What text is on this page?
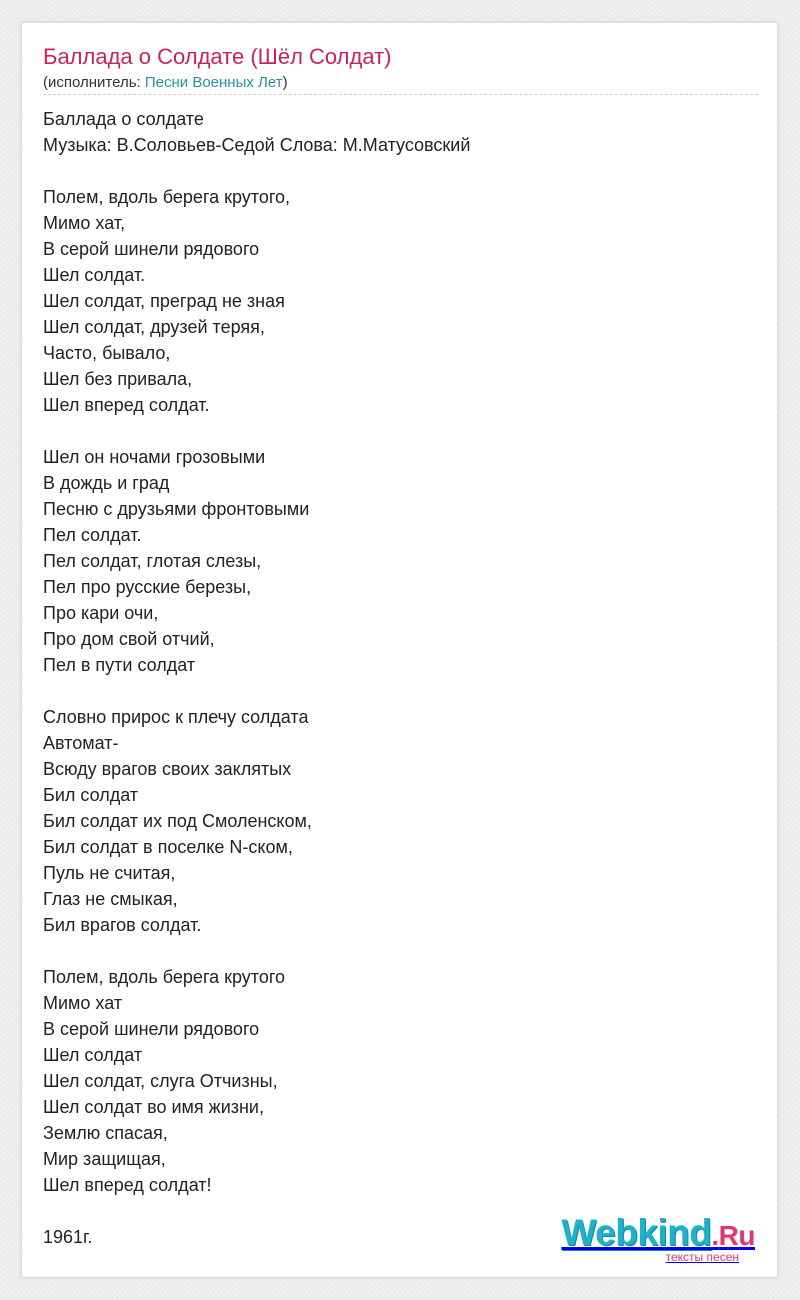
Баллада о Солдате (Шёл Солдат)
(исполнитель: Песни Военных Лет)
Баллада о солдате
Музыка: В.Соловьев-Седой Слова: М.Матусовский
Полем, вдоль берега крутого,
Мимо хат,
В серой шинели рядового
Шел солдат.
Шел солдат, преград не зная
Шел солдат, друзей теряя,
Часто, бывало,
Шел без привала,
Шел вперед солдат.
Шел он ночами грозовыми
В дождь и град
Песню с друзьями фронтовыми
Пел солдат.
Пел солдат, глотая слезы,
Пел про русские березы,
Про кари очи,
Про дом свой отчий,
Пел в пути солдат
Словно прирос к плечу солдата
Автомат-
Всюду врагов своих заклятых
Бил солдат
Бил солдат их под Смоленском,
Бил солдат в поселке N-ском,
Пуль не считая,
Глаз не смыкая,
Бил врагов солдат.
Полем, вдоль берега крутого
Мимо хат
В серой шинели рядового
Шел солдат
Шел солдат, слуга Отчизны,
Шел солдат во имя жизни,
Землю спасая,
Мир защищая,
Шел вперед солдат!
1961г.	Webkind.Ru
тексты песен
